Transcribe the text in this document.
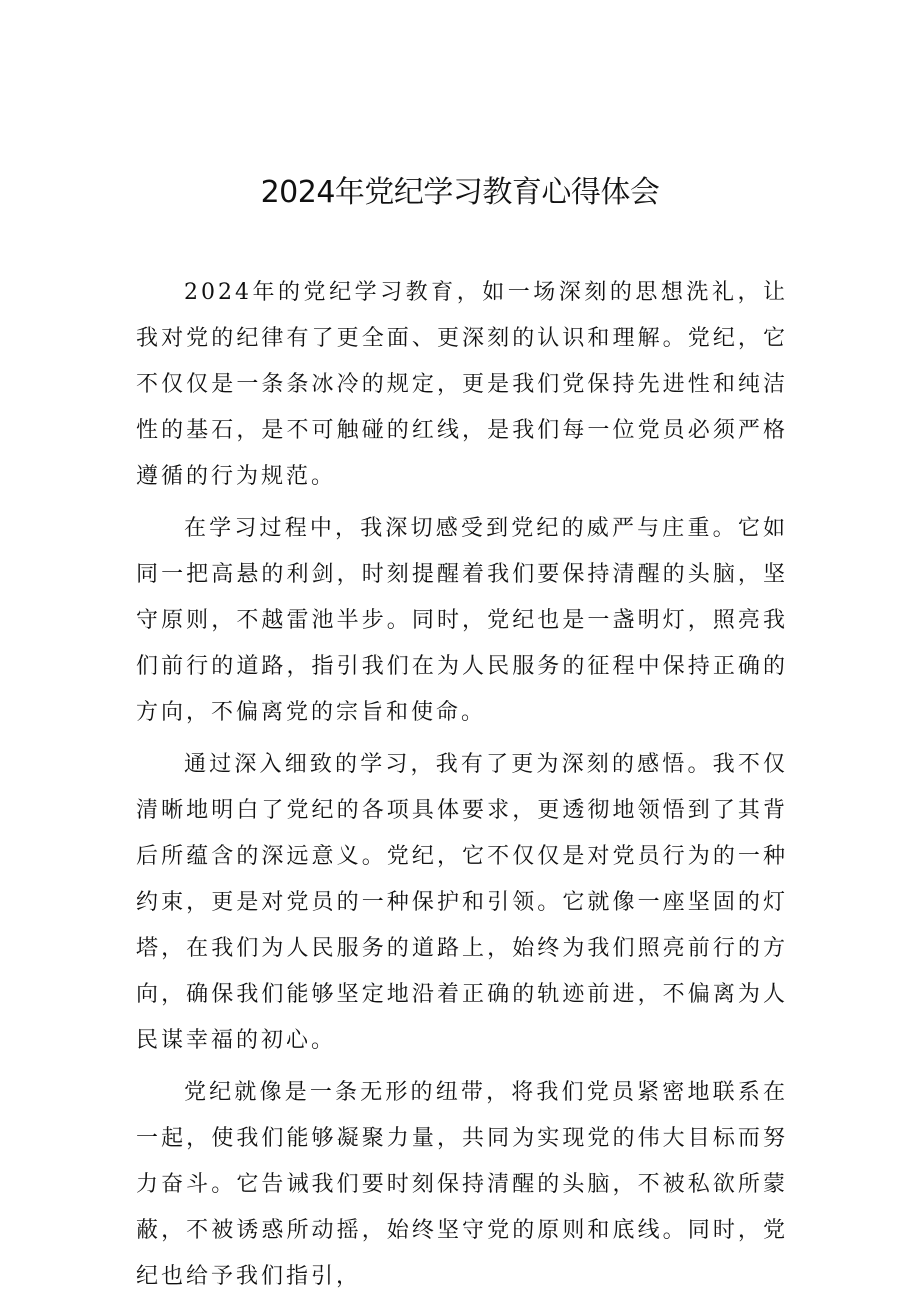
2024年党纪学习教育心得体会

2024年的党纪学习教育，如一场深刻的思想洗礼，让我对党的纪律有了更全面、更深刻的认识和理解。党纪，它不仅仅是一条条冰冷的规定，更是我们党保持先进性和纯洁性的基石，是不可触碰的红线，是我们每一位党员必须严格遵循的行为规范。

在学习过程中，我深切感受到党纪的威严与庄重。它如同一把高悬的利剑，时刻提醒着我们要保持清醒的头脑，坚守原则，不越雷池半步。同时，党纪也是一盏明灯，照亮我们前行的道路，指引我们在为人民服务的征程中保持正确的方向，不偏离党的宗旨和使命。

通过深入细致的学习，我有了更为深刻的感悟。我不仅清晰地明白了党纪的各项具体要求，更透彻地领悟到了其背后所蕴含的深远意义。党纪，它不仅仅是对党员行为的一种约束，更是对党员的一种保护和引领。它就像一座坚固的灯塔，在我们为人民服务的道路上，始终为我们照亮前行的方向，确保我们能够坚定地沿着正确的轨迹前进，不偏离为人民谋幸福的初心。

党纪就像是一条无形的纽带，将我们党员紧密地联系在一起，使我们能够凝聚力量，共同为实现党的伟大目标而努力奋斗。它告诫我们要时刻保持清醒的头脑，不被私欲所蒙蔽，不被诱惑所动摇，始终坚守党的原则和底线。同时，党纪也给予我们指引，
